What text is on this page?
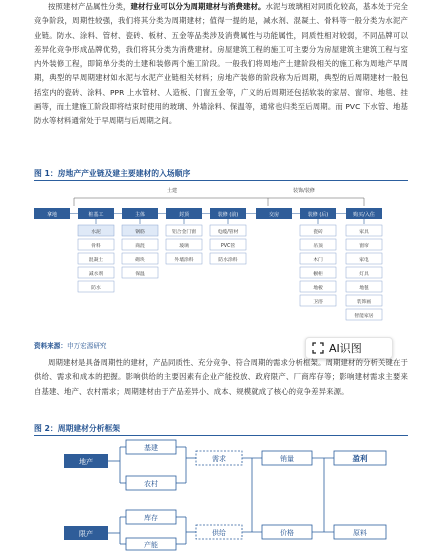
按照建材产品属性分类，建材行业可以分为周期建材与消费建材。水泥与玻璃相对同质化较高，基本处于完全竞争阶段，周期性较强，我们将其分类为周期建材；值得一提的是，减水剂、混凝土、骨料等一般分类为水泥产业链。防水、涂料、管材、瓷砖、板材、五金等品类涉及消费属性与功能属性，同质性相对较弱，不同品牌可以差异化竞争形成品牌优势，我们将其分类为消费建材。房屋建筑工程的施工可主要分为房屋建筑主建筑工程与室内外装修工程，即简单分类的土建和装修两个施工阶段。一般我们将周地产土建阶段相关的施工称为周地产早周期，典型的早周期建材如水泥与水泥产业链相关材料；房地产装修的阶段称为后周期，典型的后周期建材一般包括室内的瓷砖、涂料、PPR 上水管材、人造板、门窗五金等，广义的后周期还包括软装的家居、窗帘、地毯、挂画等，而土建施工阶段即将结束时使用的玻璃、外墙涂料、保温等，通常也归类至后周期。而 PVC 下水管、地基防水等材料通常处于早周期与后周期之间。
图 1：房地产产业链及建主要建材的入场顺序
土建	装饰/装修
拿地	桩基工	主体	封顶	装修 (前)	交房	装修 (后)	购买/入住
水泥
骨料
混凝土
减水剂
防水
钢筋
商混
砌块
保温
铝合金门窗
玻璃
外墙涂料
电缆/管材
PVC管
防水涂料
瓷砖
吊顶
木门
橱柜
地板
卫浴
家具
窗帘
家电
灯具
地毯
装饰画
智能家居
资料来源：申万宏源研究	AI识图
周期建材是具备周期性的建材，产品同质性、充分竞争、符合周期的需求分析框架。周期建材的分析关键在于供给、需求和成本的把握。影响供给的主要因素有企业产能投放、政府限产、厂商库存等；影响建材需求主要来自基建、地产、农村需求；周期建材由于产品差异小、成本、规模就成了核心的竞争差异来源。
图 2：周期建材分析框架
地产
限产
基建
农村
库存
产能
需求
供给
销量
价格
盈利
原料
